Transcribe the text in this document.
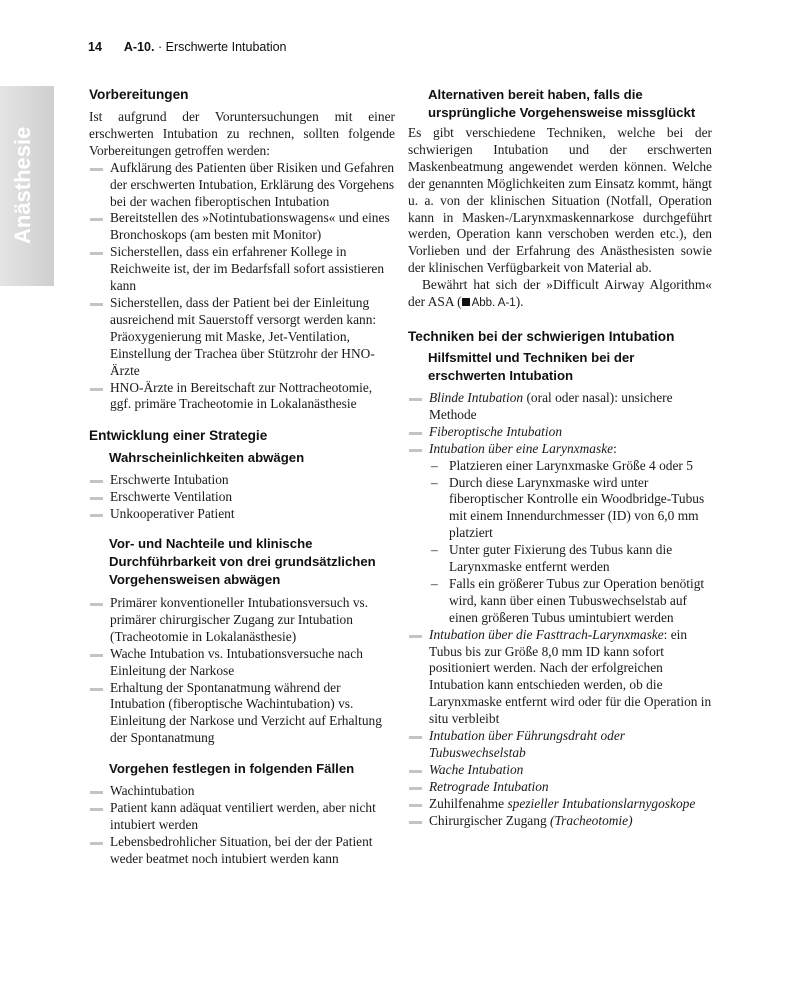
14 A-10. · Erschwerte Intubation
Vorbereitungen

Ist aufgrund der Voruntersuchungen mit einer erschwerten Intubation zu rechnen, sollten folgende Vorbereitungen getroffen werden:

Aufklärung des Patienten über Risiken und Gefahren der erschwerten Intubation, Erklärung des Vorgehens bei der wachen fiberoptischen Intubation
Bereitstellen des »Notintubationswagens« und eines Bronchoskops (am besten mit Monitor)
Sicherstellen, dass ein erfahrener Kollege in Reichweite ist, der im Bedarfsfall sofort assistieren kann
Sicherstellen, dass der Patient bei der Einleitung ausreichend mit Sauerstoff versorgt werden kann: Präoxygenierung mit Maske, Jet-Ventilation, Einstellung der Trachea über Stützrohr der HNO-Ärzte
HNO-Ärzte in Bereitschaft zur Nottracheotomie, ggf. primäre Tracheotomie in Lokalanästhesie
Entwicklung einer Strategie
Wahrscheinlichkeiten abwägen
Erschwerte Intubation
Erschwerte Ventilation
Unkooperativer Patient
Vor- und Nachteile und klinische Durchführbarkeit von drei grundsätzlichen Vorgehensweisen abwägen
Primärer konventioneller Intubationsversuch vs. primärer chirurgischer Zugang zur Intubation (Tracheotomie in Lokalanästhesie)
Wache Intubation vs. Intubationsversuche nach Einleitung der Narkose
Erhaltung der Spontanatmung während der Intubation (fiberoptische Wachintubation) vs. Einleitung der Narkose und Verzicht auf Erhaltung der Spontanatmung
Vorgehen festlegen in folgenden Fällen
Wachintubation
Patient kann adäquat ventiliert werden, aber nicht intubiert werden
Lebensbedrohlicher Situation, bei der der Patient weder beatmet noch intubiert werden kann
Alternativen bereit haben, falls die ursprüngliche Vorgehensweise missglückt

Es gibt verschiedene Techniken, welche bei der schwierigen Intubation und der erschwerten Maskenbeatmung angewendet werden können. Welche der genannten Möglichkeiten zum Einsatz kommt, hängt u. a. von der klinischen Situation (Notfall, Operation kann in Masken-/Larynxmaskennarkose durchgeführt werden, Operation kann verschoben werden etc.), den Vorlieben und der Erfahrung des Anästhesisten sowie der klinischen Verfügbarkeit von Material ab.

Bewährt hat sich der »Difficult Airway Algorithm« der ASA ( Abb. A-1).

Techniken bei der schwierigen Intubation
Hilfsmittel und Techniken bei der erschwerten Intubation
Blinde Intubation (oral oder nasal): unsichere Methode
Fiberoptische Intubation
Intubation über eine Larynxmaske:
– Platzieren einer Larynxmaske Größe 4 oder 5
– Durch diese Larynxmaske wird unter fiberoptischer Kontrolle ein Woodbridge-Tubus mit einem Innendurchmesser (ID) von 6,0 mm platziert
– Unter guter Fixierung des Tubus kann die Larynxmaske entfernt werden
– Falls ein größerer Tubus zur Operation benötigt wird, kann über einen Tubuswechselstab auf einen größeren Tubus umintubiert werden
Intubation über die Fasttrach-Larynxmaske: ein Tubus bis zur Größe 8,0 mm ID kann sofort positioniert werden. Nach der erfolgreichen Intubation kann entschieden werden, ob die Larynxmaske entfernt wird oder für die Operation in situ verbleibt
Intubation über Führungsdraht oder Tubuswechselstab
Wache Intubation
Retrograde Intubation
Zuhilfenahme spezieller Intubationslarnygoskope
Chirurgischer Zugang (Tracheotomie)
